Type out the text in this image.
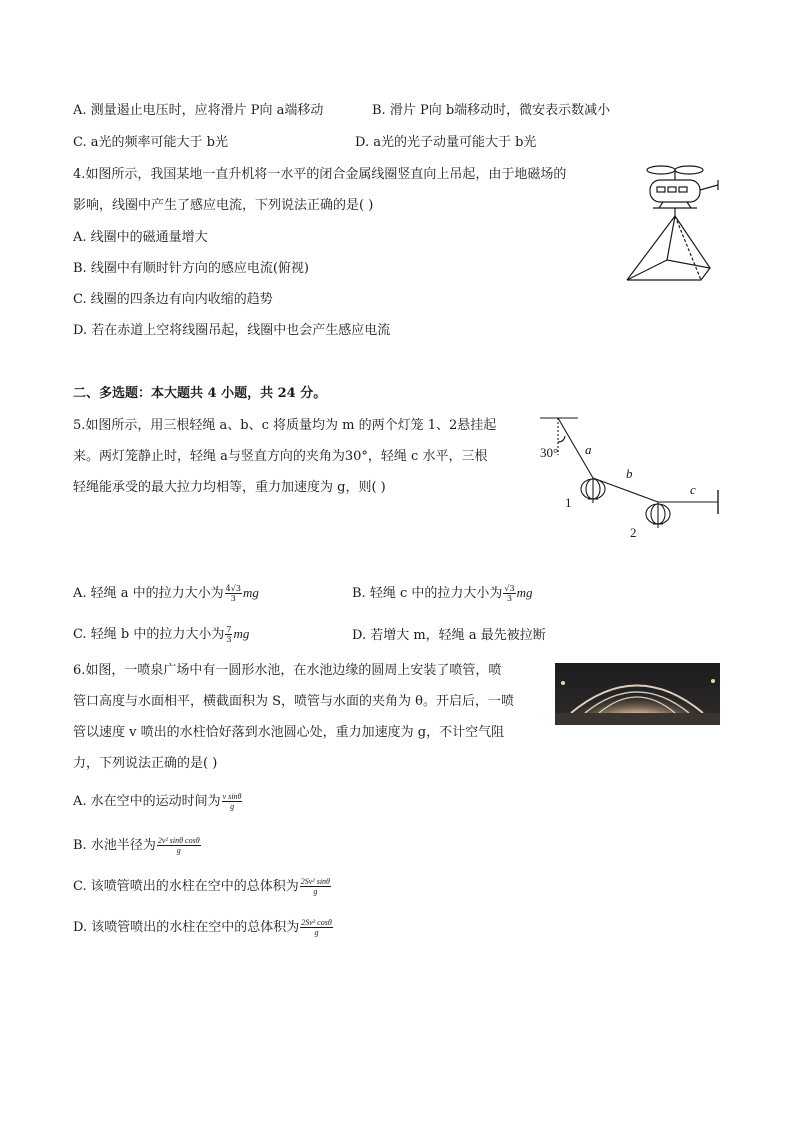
A. 测量遏止电压时，应将滑片 P向 a端移动	B. 滑片 P向 b端移动时，微安表示数减小
C. a光的频率可能大于 b光	D. a光的光子动量可能大于 b光
4.如图所示，我国某地一直升机将一水平的闭合金属线圈竖直向上吊起，由于地磁场的
影响，线圈中产生了感应电流，下列说法正确的是( )
A. 线圈中的磁通量增大
B. 线圈中有顺时针方向的感应电流(俯视)
C. 线圈的四条边有向内收缩的趋势
D. 若在赤道上空将线圈吊起，线圈中也会产生感应电流
二、多选题：本大题共 4 小题，共 24 分。
5.如图所示，用三根轻绳 a、b、c 将质量均为 m 的两个灯笼 1、2悬挂起
来。两灯笼静止时，轻绳 a与竖直方向的夹角为30°，轻绳 c 水平，三根
轻绳能承受的最大拉力均相等，重力加速度为 g，则( )
30° a
b
c
1
2
A. 轻绳 a 中的拉力大小为 $\frac{4√3}{3}$ mg	B. 轻绳 c 中的拉力大小为 $\frac{√3}{3}$ mg
C. 轻绳 b 中的拉力大小为 $\frac{7}{3}$ mg	D. 若增大 m，轻绳 a 最先被拉断
6.如图，一喷泉广场中有一圆形水池，在水池边缘的圆周上安装了喷管，喷
管口高度与水面相平，横截面积为 S，喷管与水面的夹角为 θ。开启后，一喷
管以速度 v 喷出的水柱恰好落到水池圆心处，重力加速度为 g，不计空气阻
力，下列说法正确的是( )
A. 水在空中的运动时间为 $\frac{\text{v sinθ}}{g}$
B. 水池半径为 $\frac{\text{2v² sinθ cosθ}}{g}$
C. 该喷管喷出的水柱在空中的总体积为 $\frac{\text{2Sv² sinθ}}{g}$
D. 该喷管喷出的水柱在空中的总体积为 $\frac{\text{2Sv² cosθ}}{g}$
